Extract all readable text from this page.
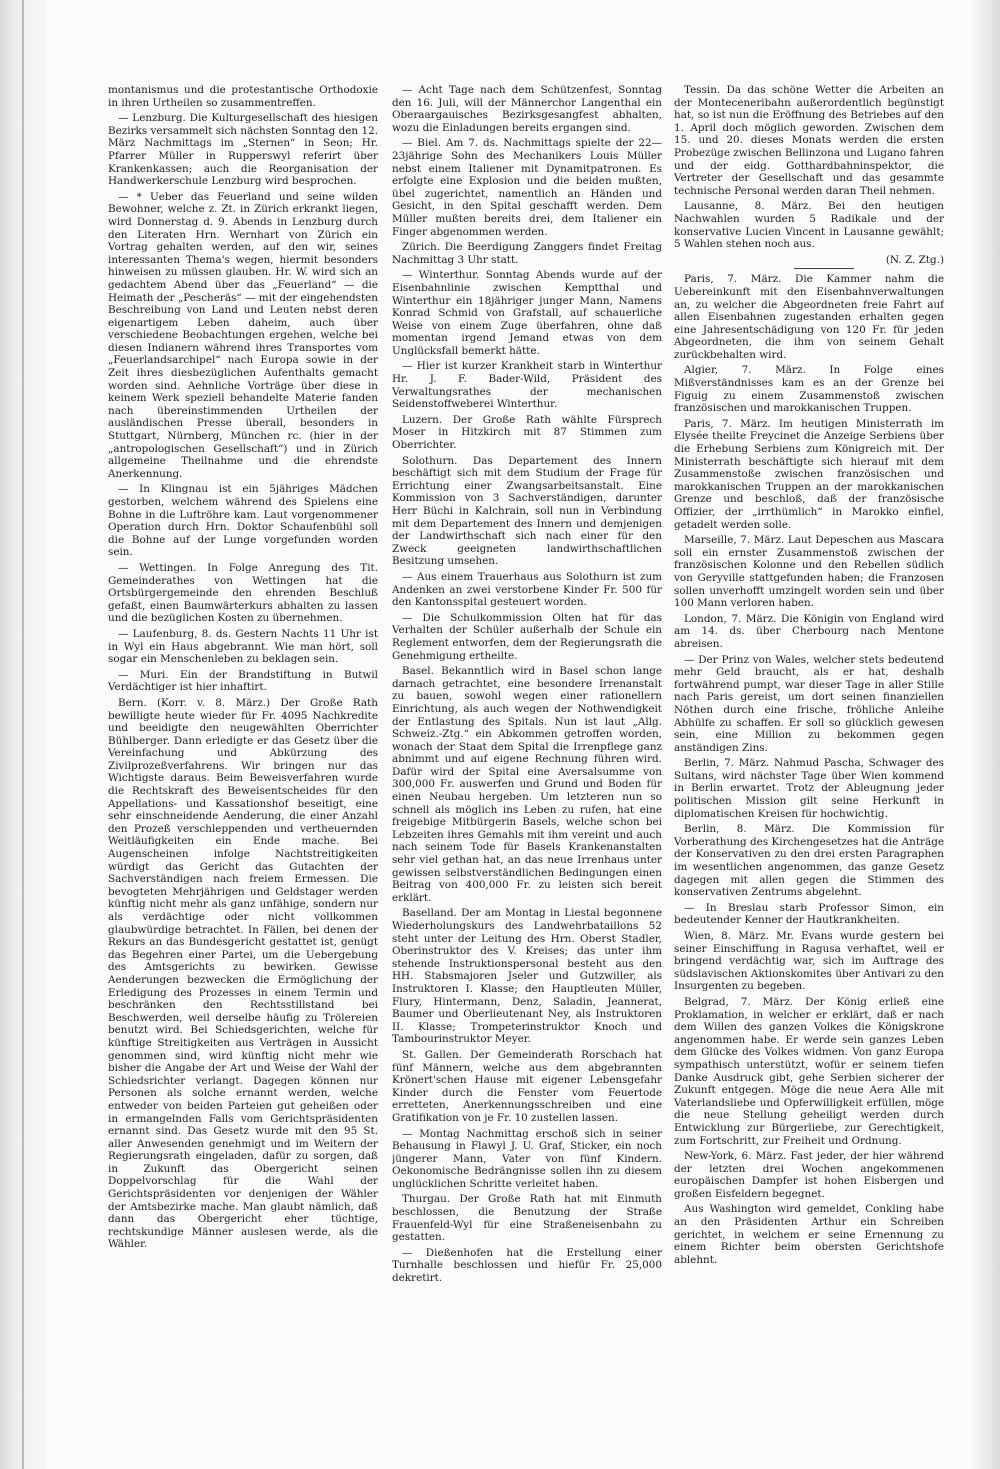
montanismus und die protestantische Orthodoxie in ihren Urtheilen so zusammentreffen.

— Lenzburg. Die Kulturgesellschaft des hiesigen Bezirks versammelt sich nächsten Sonntag den 12. März Nachmittags im „Sternen“ in Seon; Hr. Pfarrer Müller in Rupperswyl referirt über Krankenkassen; auch die Reorganisation der Handwerkerschule Lenzburg wird besprochen.

— * Ueber das Feuerland und seine wilden Bewohner, welche z. Zt. in Zürich erkrankt liegen, wird Donnerstag d. 9. Abends in Lenzburg durch den Literaten Hrn. Wernhart von Zürich ein Vortrag gehalten werden, auf den wir, seines interessanten Thema's wegen, hiermit besonders hinweisen zu müssen glauben. Hr. W. wird sich an gedachtem Abend über das „Feuerland“ — die Heimath der „Pescheräs“ — mit der eingehendsten Beschreibung von Land und Leuten nebst deren eigenartigem Leben daheim, auch über verschiedene Beobachtungen ergehen, welche bei diesen Indianern während ihres Transportes vom „Feuerlandsarchipel“ nach Europa sowie in der Zeit ihres diesbezüglichen Aufenthalts gemacht worden sind. Aehnliche Vorträge über diese in keinem Werk speziell behandelte Materie fanden nach übereinstimmenden Urtheilen der ausländischen Presse überall, besonders in Stuttgart, Nürnberg, München rc. (hier in der „antropologischen Gesellschaft“) und in Zürich allgemeine Theilnahme und die ehrendste Anerkennung.

— In Klingnau ist ein 5jähriges Mädchen gestorben, welchem während des Spielens eine Bohne in die Luftröhre kam. Laut vorgenommener Operation durch Hrn. Doktor Schaufenbühl soll die Bohne auf der Lunge vorgefunden worden sein.

— Wettingen. In Folge Anregung des Tit. Gemeinderathes von Wettingen hat die Ortsbürgergemeinde den ehrenden Beschluß gefaßt, einen Baumwärterkurs abhalten zu lassen und die bezüglichen Kosten zu übernehmen.

— Laufenburg, 8. ds. Gestern Nachts 11 Uhr ist in Wyl ein Haus abgebrannt. Wie man hört, soll sogar ein Menschenleben zu beklagen sein.

— Muri. Ein der Brandstiftung in Butwil Verdächtiger ist hier inhaftirt.

Bern. (Korr. v. 8. März.) Der Große Rath bewilligte heute wieder für Fr. 4095 Nachkredite und beeidigte den neugewählten Oberrichter Bühlberger. Dann erledigte er das Gesetz über die Vereinfachung und Abkürzung des Zivilprozeßverfahrens. Wir bringen nur das Wichtigste daraus. Beim Beweisverfahren wurde die Rechtskraft des Beweisentscheides für den Appellations- und Kassationshof beseitigt, eine sehr einschneidende Aenderung, die einer Anzahl den Prozeß verschleppenden und vertheuernden Weitläufigkeiten ein Ende mache. Bei Augenscheinen infolge Nachtstreitigkeiten würdigt das Gericht das Gutachten der Sachverständigen nach freiem Ermessen. Die bevogteten Mehrjährigen und Geldstager werden künftig nicht mehr als ganz unfähige, sondern nur als verdächtige oder nicht vollkommen glaubwürdige betrachtet. In Fällen, bei denen der Rekurs an das Bundesgericht gestattet ist, genügt das Begehren einer Partei, um die Uebergebung des Amtsgerichts zu bewirken. Gewisse Aenderungen bezwecken die Ermöglichung der Erledigung des Prozesses in einem Termin und beschränken den Rechtsstillstand bei Beschwerden, weil derselbe häufig zu Trölereien benutzt wird. Bei Schiedsgerichten, welche für künftige Streitigkeiten aus Verträgen in Aussicht genommen sind, wird künftig nicht mehr wie bisher die Angabe der Art und Weise der Wahl der Schiedsrichter verlangt. Dagegen können nur Personen als solche ernannt werden, welche entweder von beiden Parteien gut geheißen oder in ermangelnden Falls vom Gerichtspräsidenten ernannt sind. Das Gesetz wurde mit den 95 St. aller Anwesenden genehmigt und im Weitern der Regierungsrath eingeladen, dafür zu sorgen, daß in Zukunft das Obergericht seinen Doppelvorschlag für die Wahl der Gerichtspräsidenten vor denjenigen der Wähler der Amtsbezirke mache. Man glaubt nämlich, daß dann das Obergericht eher tüchtige, rechtskundige Männer auslesen werde, als die Wähler.

— Acht Tage nach dem Schützenfest, Sonntag den 16. Juli, will der Männerchor Langenthal ein Oberaargauisches Bezirksgesangfest abhalten, wozu die Einladungen bereits ergangen sind.

— Biel. Am 7. ds. Nachmittags spielte der 22—23jährige Sohn des Mechanikers Louis Müller nebst einem Italiener mit Dynamitpatronen. Es erfolgte eine Explosion und die beiden mußten, übel zugerichtet, namentlich an Händen und Gesicht, in den Spital geschafft werden. Dem Müller mußten bereits drei, dem Italiener ein Finger abgenommen werden.

Zürich. Die Beerdigung Zanggers findet Freitag Nachmittag 3 Uhr statt.

— Winterthur. Sonntag Abends wurde auf der Eisenbahnlinie zwischen Kemptthal und Winterthur ein 18jähriger junger Mann, Namens Konrad Schmid von Grafstall, auf schauerliche Weise von einem Zuge überfahren, ohne daß momentan irgend Jemand etwas von dem Unglücksfall bemerkt hätte.

— Hier ist kurzer Krankheit starb in Winterthur Hr. J. F. Bader-Wild, Präsident des Verwaltungsrathes der mechanischen Seidenstoffweberei Winterthur.

Luzern. Der Große Rath wählte Fürsprech Moser in Hitzkirch mit 87 Stimmen zum Oberrichter.

Solothurn. Das Departement des Innern beschäftigt sich mit dem Studium der Frage für Errichtung einer Zwangsarbeitsanstalt. Eine Kommission von 3 Sachverständigen, darunter Herr Büchi in Kalchrain, soll nun in Verbindung mit dem Departement des Innern und demjenigen der Landwirthschaft sich nach einer für den Zweck geeigneten landwirthschaftlichen Besitzung umsehen.

— Aus einem Trauerhaus aus Solothurn ist zum Andenken an zwei verstorbene Kinder Fr. 500 für den Kantonsspital gesteuert worden.

— Die Schulkommission Olten hat für das Verhalten der Schüler außerhalb der Schule ein Reglement entworfen, dem der Regierungsrath die Genehmigung ertheilte.

Basel. Bekanntlich wird in Basel schon lange darnach getrachtet, eine besondere Irrenanstalt zu bauen, sowohl wegen einer rationellern Einrichtung, als auch wegen der Nothwendigkeit der Entlastung des Spitals. Nun ist laut „Allg. Schweiz.-Ztg.“ ein Abkommen getroffen worden, wonach der Staat dem Spital die Irrenpflege ganz abnimmt und auf eigene Rechnung führen wird. Dafür wird der Spital eine Aversalsumme von 300,000 Fr. auswerfen und Grund und Boden für einen Neubau hergeben. Um letzteren nun so schnell als möglich ins Leben zu rufen, hat eine freigebige Mitbürgerin Basels, welche schon bei Lebzeiten ihres Gemahls mit ihm vereint und auch nach seinem Tode für Basels Krankenanstalten sehr viel gethan hat, an das neue Irrenhaus unter gewissen selbstverständlichen Bedingungen einen Beitrag von 400,000 Fr. zu leisten sich bereit erklärt.

Baselland. Der am Montag in Liestal begonnene Wiederholungskurs des Landwehrbataillons 52 steht unter der Leitung des Hrn. Oberst Stadler, Oberinstruktor des V. Kreises; das unter ihm stehende Instruktionspersonal besteht aus den HH. Stabsmajoren Jseler und Gutzwiller, als Instruktoren I. Klasse; den Hauptleuten Müller, Flury, Hintermann, Denz, Saladin, Jeannerat, Baumer und Oberlieutenant Ney, als Instruktoren II. Klasse; Trompeterinstruktor Knoch und Tambourinstruktor Meyer.

St. Gallen. Der Gemeinderath Rorschach hat fünf Männern, welche aus dem abgebrannten Krönert'schen Hause mit eigener Lebensgefahr Kinder durch die Fenster vom Feuertode erretteten, Anerkennungsschreiben und eine Gratifikation von je Fr. 10 zustellen lassen.

— Montag Nachmittag erschoß sich in seiner Behausung in Flawyl J. U. Graf, Sticker, ein noch jüngerer Mann, Vater von fünf Kindern. Oekonomische Bedrängnisse sollen ihn zu diesem unglücklichen Schritte verleitet haben.

Thurgau. Der Große Rath hat mit Einmuth beschlossen, die Benutzung der Straße Frauenfeld-Wyl für eine Straßeneisenbahn zu gestatten.

— Dießenhofen hat die Erstellung einer Turnhalle beschlossen und hiefür Fr. 25,000 dekretirt.

Tessin. Da das schöne Wetter die Arbeiten an der Monteceneribahn außerordentlich begünstigt hat, so ist nun die Eröffnung des Betriebes auf den 1. April doch möglich geworden. Zwischen dem 15. und 20. dieses Monats werden die ersten Probezüge zwischen Bellinzona und Lugano fahren und der eidg. Gotthardbahninspektor, die Vertreter der Gesellschaft und das gesammte technische Personal werden daran Theil nehmen.

Lausanne, 8. März. Bei den heutigen Nachwahlen wurden 5 Radikale und der konservative Lucien Vincent in Lausanne gewählt; 5 Wahlen stehen noch aus.

(N. Z. Ztg.)

Paris, 7. März. Die Kammer nahm die Uebereinkunft mit den Eisenbahnverwaltungen an, zu welcher die Abgeordneten freie Fahrt auf allen Eisenbahnen zugestanden erhalten gegen eine Jahresentschädigung von 120 Fr. für jeden Abgeordneten, die ihm von seinem Gehalt zurückbehalten wird.

Algier, 7. März. In Folge eines Mißverständnisses kam es an der Grenze bei Figuig zu einem Zusammenstoß zwischen französischen und marokkanischen Truppen.

Paris, 7. März. Im heutigen Ministerrath im Elysée theilte Freycinet die Anzeige Serbiens über die Erhebung Serbiens zum Königreich mit. Der Ministerrath beschäftigte sich hierauf mit dem Zusammenstoße zwischen französischen und marokkanischen Truppen an der marokkanischen Grenze und beschloß, daß der französische Offizier, der „irrthümlich“ in Marokko einfiel, getadelt werden solle.

Marseille, 7. März. Laut Depeschen aus Mascara soll ein ernster Zusammenstoß zwischen der französischen Kolonne und den Rebellen südlich von Geryville stattgefunden haben; die Franzosen sollen unverhofft umzingelt worden sein und über 100 Mann verloren haben.

London, 7. März. Die Königin von England wird am 14. ds. über Cherbourg nach Mentone abreisen.

— Der Prinz von Wales, welcher stets bedeutend mehr Geld braucht, als er hat, deshalb fortwährend pumpt, war dieser Tage in aller Stille nach Paris gereist, um dort seinen finanziellen Nöthen durch eine frische, fröhliche Anleihe Abhülfe zu schaffen. Er soll so glücklich gewesen sein, eine Million zu bekommen gegen anständigen Zins.

Berlin, 7. März. Nahmud Pascha, Schwager des Sultans, wird nächster Tage über Wien kommend in Berlin erwartet. Trotz der Ableugnung jeder politischen Mission gilt seine Herkunft in diplomatischen Kreisen für hochwichtig.

Berlin, 8. März. Die Kommission für Vorberathung des Kirchengesetzes hat die Anträge der Konservativen zu den drei ersten Paragraphen im wesentlichen angenommen, das ganze Gesetz dagegen mit allen gegen die Stimmen des konservativen Zentrums abgelehnt.

— In Breslau starb Professor Simon, ein bedeutender Kenner der Hautkrankheiten.

Wien, 8. März. Mr. Evans wurde gestern bei seiner Einschiffung in Ragusa verhaftet, weil er bringend verdächtig war, sich im Auftrage des südslavischen Aktionskomites über Antivari zu den Insurgenten zu begeben.

Belgrad, 7. März. Der König erließ eine Proklamation, in welcher er erklärt, daß er nach dem Willen des ganzen Volkes die Königskrone angenommen habe. Er werde sein ganzes Leben dem Glücke des Volkes widmen. Von ganz Europa sympathisch unterstützt, wofür er seinem tiefen Danke Ausdruck gibt, gehe Serbien sicherer der Zukunft entgegen. Möge die neue Aera Alle mit Vaterlandsliebe und Opferwilligkeit erfüllen, möge die neue Stellung geheiligt werden durch Entwicklung zur Bürgerliebe, zur Gerechtigkeit, zum Fortschritt, zur Freiheit und Ordnung.

New-York, 6. März. Fast jeder, der hier während der letzten drei Wochen angekommenen europäischen Dampfer ist hohen Eisbergen und großen Eisfeldern begegnet.

Aus Washington wird gemeldet, Conkling habe an den Präsidenten Arthur ein Schreiben gerichtet, in welchem er seine Ernennung zu einem Richter beim obersten Gerichtshofe ablehnt.
